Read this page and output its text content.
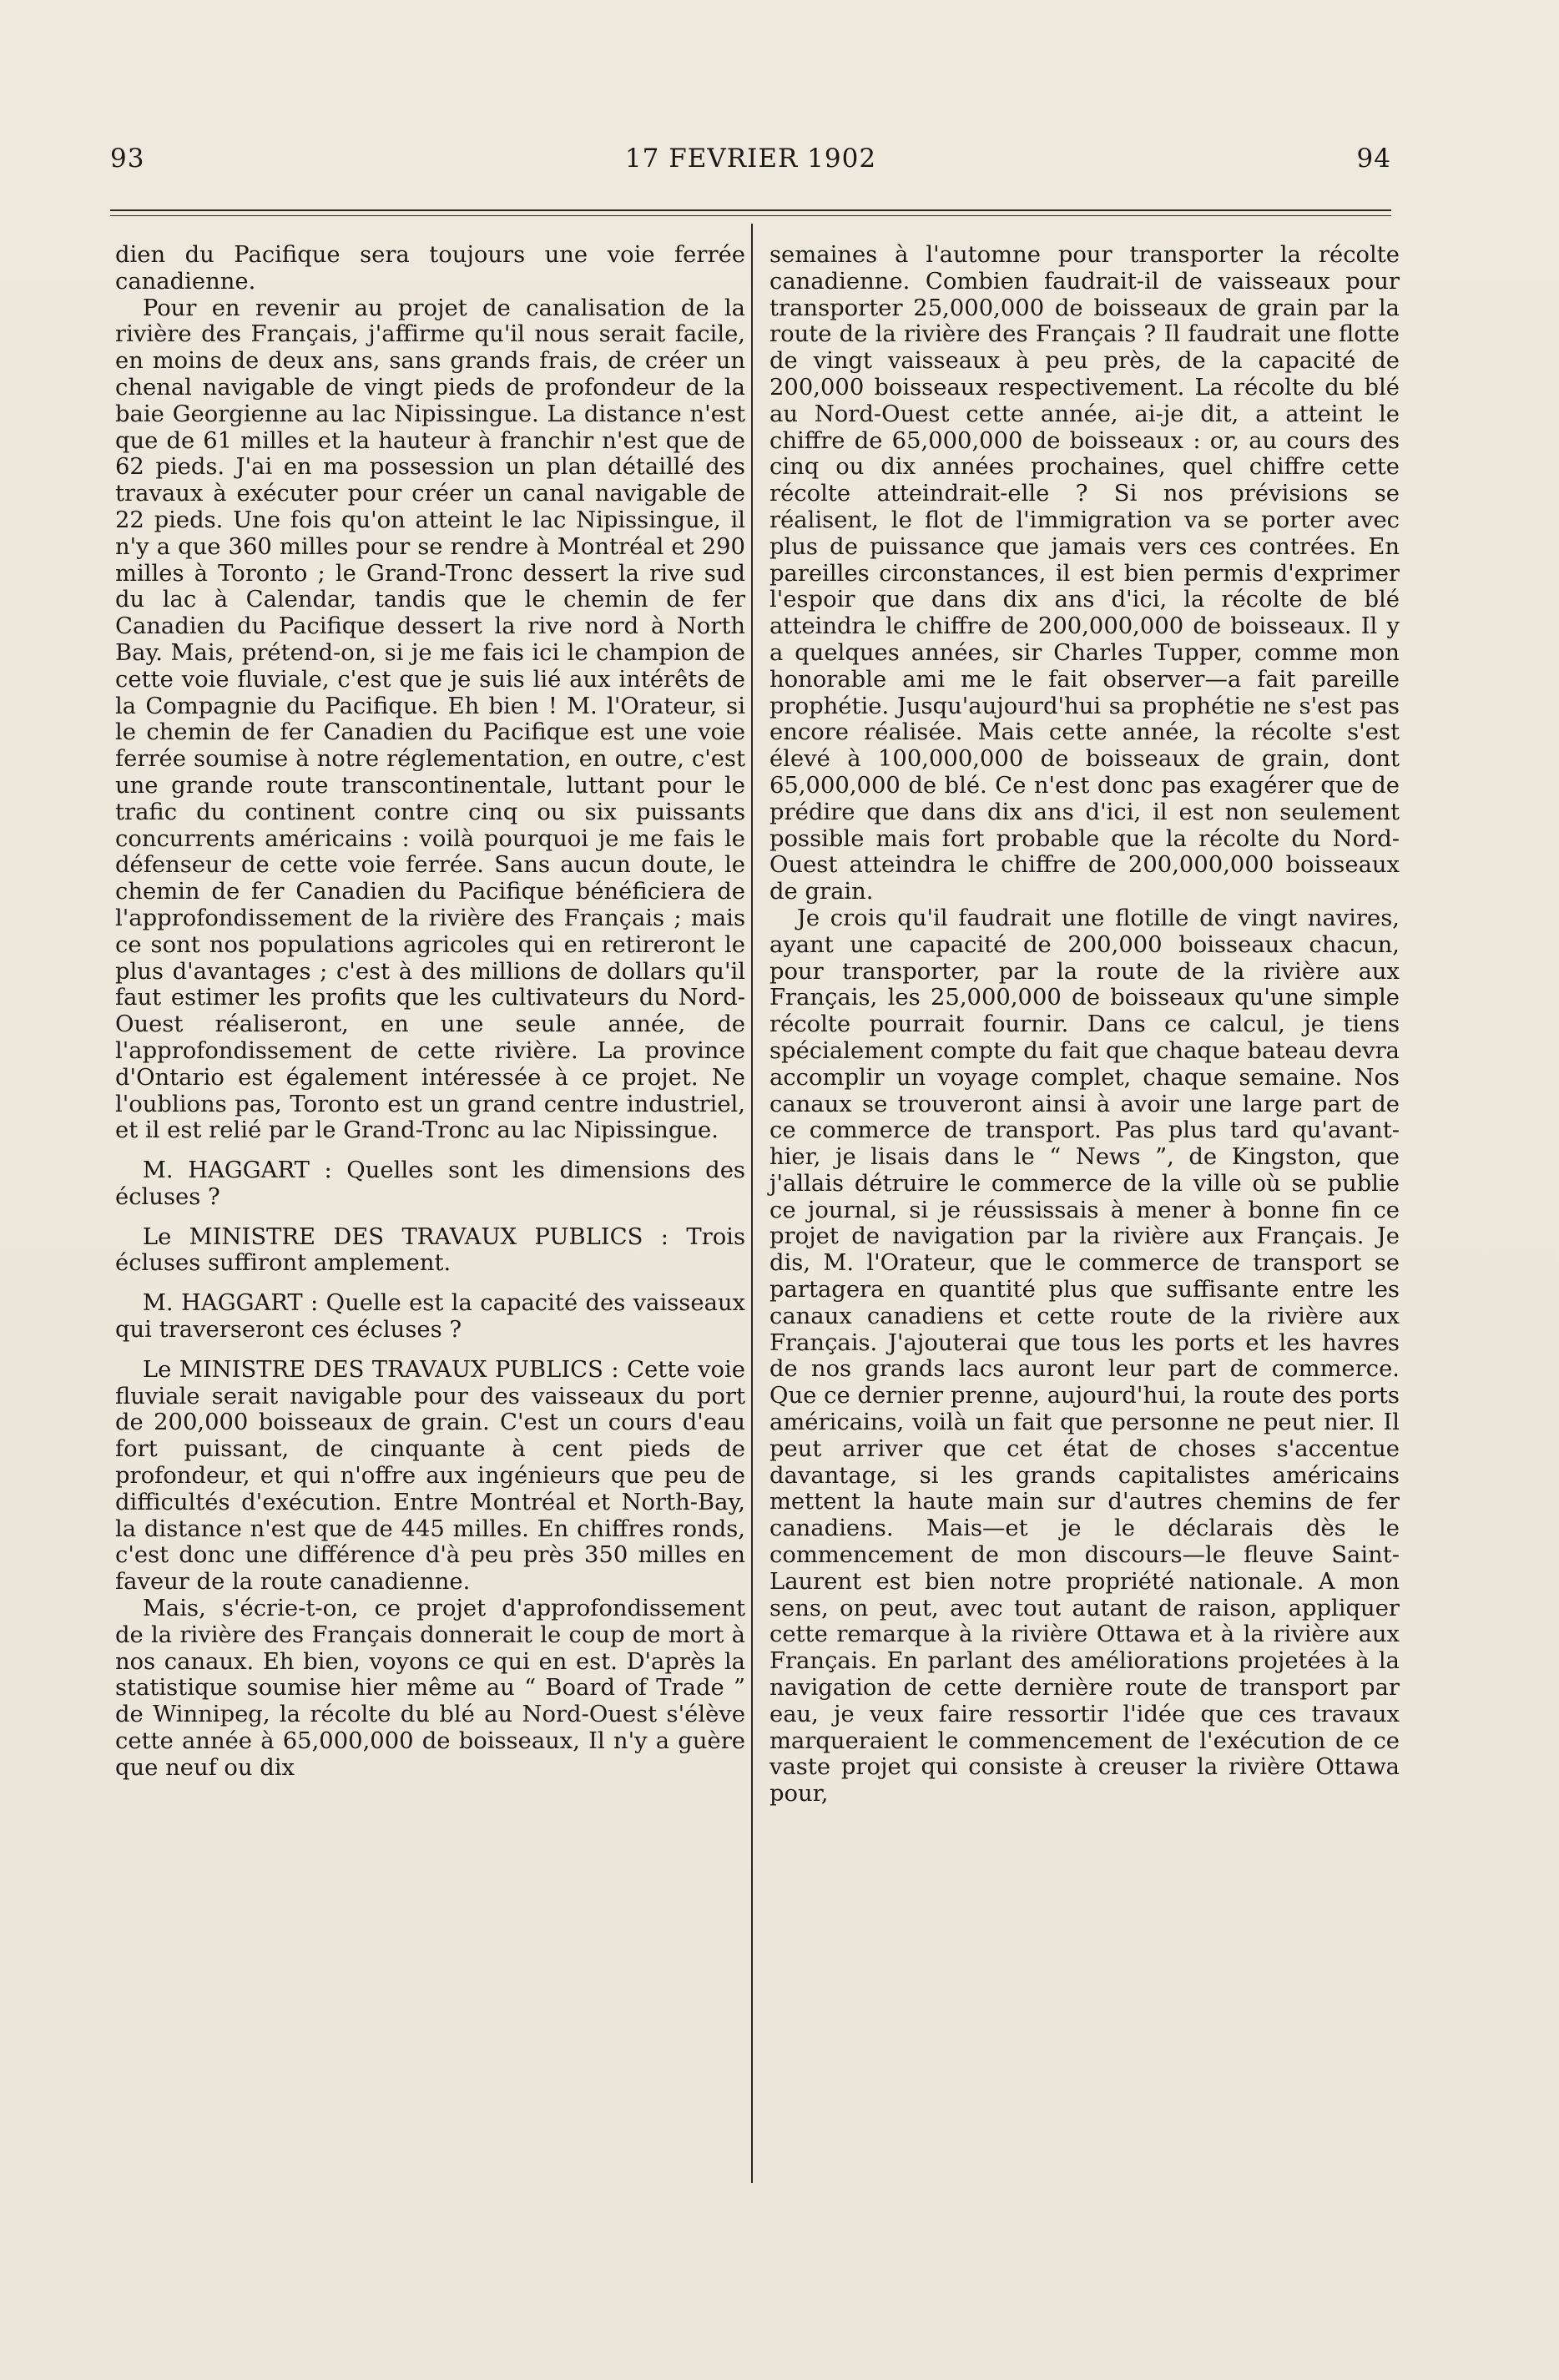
93	17 FEVRIER 1902	94

dien du Pacifique sera toujours une voie ferrée canadienne.

Pour en revenir au projet de canalisation de la rivière des Français, j'affirme qu'il nous serait facile, en moins de deux ans, sans grands frais, de créer un chenal navigable de vingt pieds de profondeur de la baie Georgienne au lac Nipissingue. La distance n'est que de 61 milles et la hauteur à franchir n'est que de 62 pieds. J'ai en ma possession un plan détaillé des travaux à exécuter pour créer un canal navigable de 22 pieds. Une fois qu'on atteint le lac Nipissingue, il n'y a que 360 milles pour se rendre à Montréal et 290 milles à Toronto ; le Grand-Tronc dessert la rive sud du lac à Calendar, tandis que le chemin de fer Canadien du Pacifique dessert la rive nord à North Bay. Mais, prétend-on, si je me fais ici le champion de cette voie fluviale, c'est que je suis lié aux intérêts de la Compagnie du Pacifique. Eh bien ! M. l'Orateur, si le chemin de fer Canadien du Pacifique est une voie ferrée soumise à notre réglementation, en outre, c'est une grande route transcontinentale, luttant pour le trafic du continent contre cinq ou six puissants concurrents américains : voilà pourquoi je me fais le défenseur de cette voie ferrée. Sans aucun doute, le chemin de fer Canadien du Pacifique bénéficiera de l'approfondissement de la rivière des Français ; mais ce sont nos populations agricoles qui en retireront le plus d'avantages ; c'est à des millions de dollars qu'il faut estimer les profits que les cultivateurs du Nord-Ouest réaliseront, en une seule année, de l'approfondissement de cette rivière. La province d'Ontario est également intéressée à ce projet. Ne l'oublions pas, Toronto est un grand centre industriel, et il est relié par le Grand-Tronc au lac Nipissingue.

M. HAGGART : Quelles sont les dimensions des écluses ?

Le MINISTRE DES TRAVAUX PUBLICS : Trois écluses suffiront amplement.

M. HAGGART : Quelle est la capacité des vaisseaux qui traverseront ces écluses ?

Le MINISTRE DES TRAVAUX PUBLICS : Cette voie fluviale serait navigable pour des vaisseaux du port de 200,000 boisseaux de grain. C'est un cours d'eau fort puissant, de cinquante à cent pieds de profondeur, et qui n'offre aux ingénieurs que peu de difficultés d'exécution. Entre Montréal et North-Bay, la distance n'est que de 445 milles. En chiffres ronds, c'est donc une différence d'à peu près 350 milles en faveur de la route canadienne.

Mais, s'écrie-t-on, ce projet d'approfondissement de la rivière des Français donnerait le coup de mort à nos canaux. Eh bien, voyons ce qui en est. D'après la statistique soumise hier même au “ Board of Trade ” de Winnipeg, la récolte du blé au Nord-Ouest s'élève cette année à 65,000,000 de boisseaux, Il n'y a guère que neuf ou dix

semaines à l'automne pour transporter la récolte canadienne. Combien faudrait-il de vaisseaux pour transporter 25,000,000 de boisseaux de grain par la route de la rivière des Français ? Il faudrait une flotte de vingt vaisseaux à peu près, de la capacité de 200,000 boisseaux respectivement. La récolte du blé au Nord-Ouest cette année, ai-je dit, a atteint le chiffre de 65,000,000 de boisseaux : or, au cours des cinq ou dix années prochaines, quel chiffre cette récolte atteindrait-elle ? Si nos prévisions se réalisent, le flot de l'immigration va se porter avec plus de puissance que jamais vers ces contrées. En pareilles circonstances, il est bien permis d'exprimer l'espoir que dans dix ans d'ici, la récolte de blé atteindra le chiffre de 200,000,000 de boisseaux. Il y a quelques années, sir Charles Tupper, comme mon honorable ami me le fait observer—a fait pareille prophétie. Jusqu'aujourd'hui sa prophétie ne s'est pas encore réalisée. Mais cette année, la récolte s'est élevé à 100,000,000 de boisseaux de grain, dont 65,000,000 de blé. Ce n'est donc pas exagérer que de prédire que dans dix ans d'ici, il est non seulement possible mais fort probable que la récolte du Nord-Ouest atteindra le chiffre de 200,000,000 boisseaux de grain.

Je crois qu'il faudrait une flotille de vingt navires, ayant une capacité de 200,000 boisseaux chacun, pour transporter, par la route de la rivière aux Français, les 25,000,000 de boisseaux qu'une simple récolte pourrait fournir. Dans ce calcul, je tiens spécialement compte du fait que chaque bateau devra accomplir un voyage complet, chaque semaine. Nos canaux se trouveront ainsi à avoir une large part de ce commerce de transport. Pas plus tard qu'avant-hier, je lisais dans le “ News ”, de Kingston, que j'allais détruire le commerce de la ville où se publie ce journal, si je réussissais à mener à bonne fin ce projet de navigation par la rivière aux Français. Je dis, M. l'Orateur, que le commerce de transport se partagera en quantité plus que suffisante entre les canaux canadiens et cette route de la rivière aux Français. J'ajouterai que tous les ports et les havres de nos grands lacs auront leur part de commerce. Que ce dernier prenne, aujourd'hui, la route des ports américains, voilà un fait que personne ne peut nier. Il peut arriver que cet état de choses s'accentue davantage, si les grands capitalistes américains mettent la haute main sur d'autres chemins de fer canadiens. Mais—et je le déclarais dès le commencement de mon discours—le fleuve Saint-Laurent est bien notre propriété nationale. A mon sens, on peut, avec tout autant de raison, appliquer cette remarque à la rivière Ottawa et à la rivière aux Français. En parlant des améliorations projetées à la navigation de cette dernière route de transport par eau, je veux faire ressortir l'idée que ces travaux marqueraient le commencement de l'exécution de ce vaste projet qui consiste à creuser la rivière Ottawa pour,
